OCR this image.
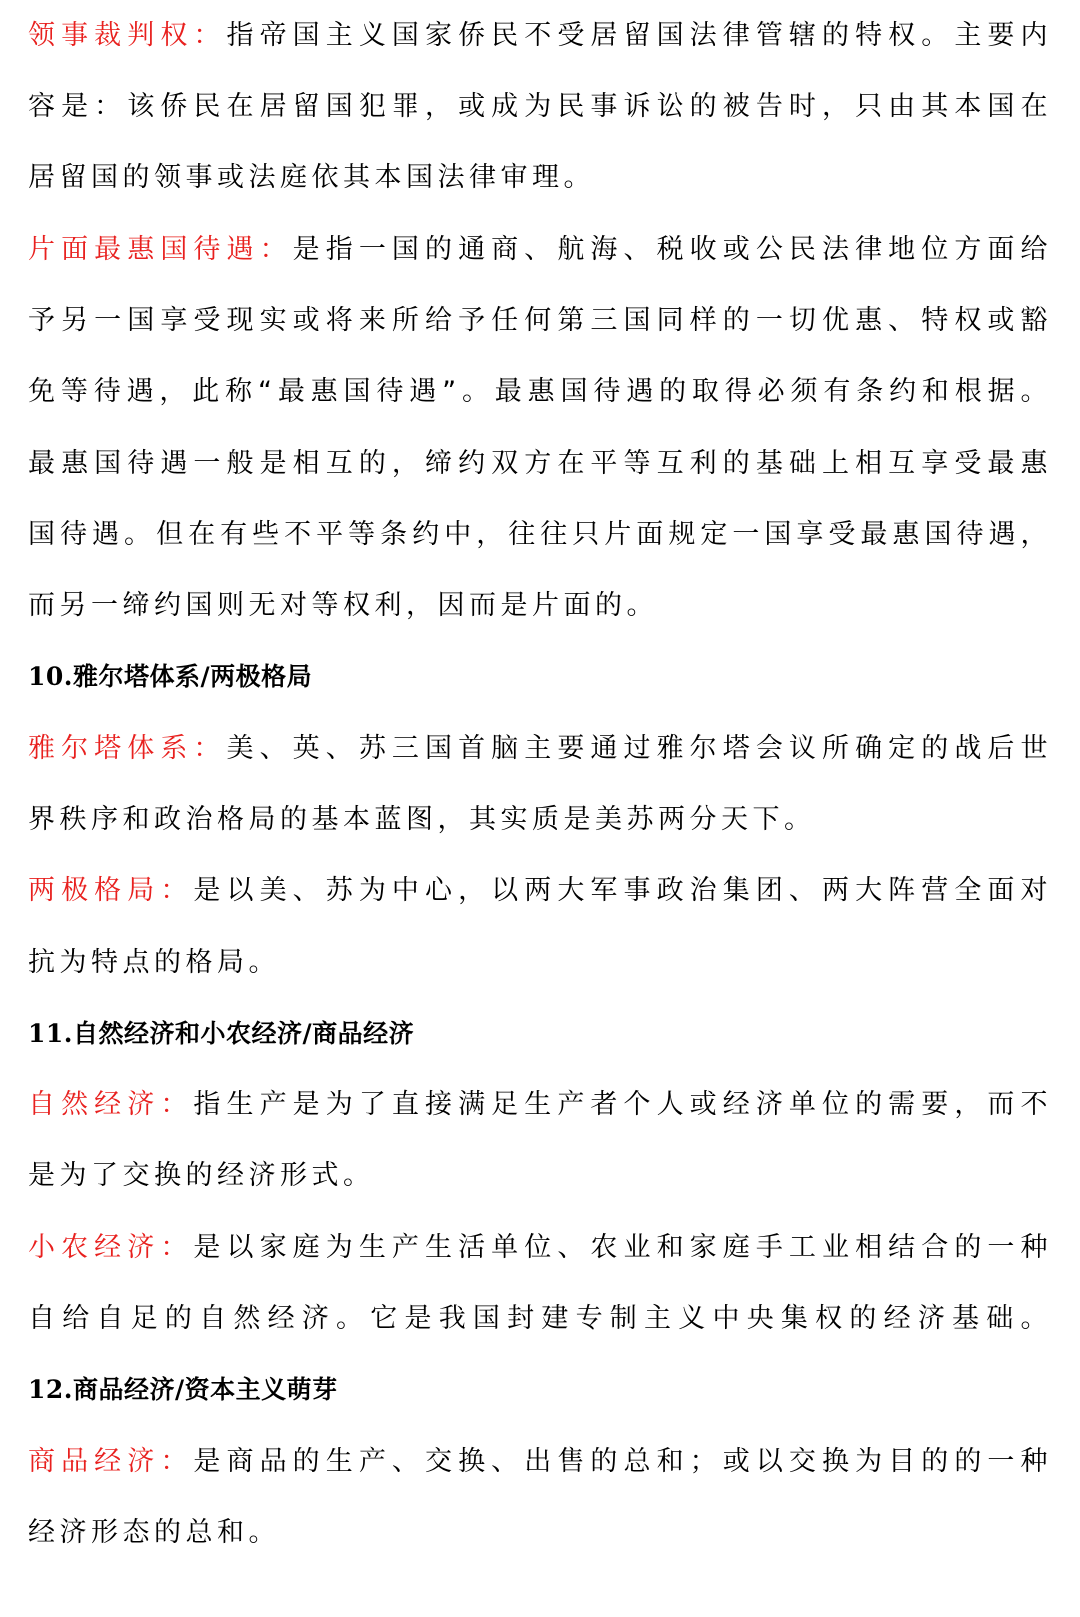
领事裁判权：指帝国主义国家侨民不受居留国法律管辖的特权。主要内
容是：该侨民在居留国犯罪，或成为民事诉讼的被告时，只由其本国在
居留国的领事或法庭依其本国法律审理。
片面最惠国待遇：是指一国的通商、航海、税收或公民法律地位方面给
予另一国享受现实或将来所给予任何第三国同样的一切优惠、特权或豁
免等待遇，此称“最惠国待遇”。最惠国待遇的取得必须有条约和根据。
最惠国待遇一般是相互的，缔约双方在平等互利的基础上相互享受最惠
国待遇。但在有些不平等条约中，往往只片面规定一国享受最惠国待遇，
而另一缔约国则无对等权利，因而是片面的。
10.雅尔塔体系/两极格局
雅尔塔体系：美、英、苏三国首脑主要通过雅尔塔会议所确定的战后世
界秩序和政治格局的基本蓝图，其实质是美苏两分天下。
两极格局：是以美、苏为中心，以两大军事政治集团、两大阵营全面对
抗为特点的格局。
11.自然经济和小农经济/商品经济
自然经济：指生产是为了直接满足生产者个人或经济单位的需要，而不
是为了交换的经济形式。
小农经济：是以家庭为生产生活单位、农业和家庭手工业相结合的一种
自给自足的自然经济。它是我国封建专制主义中央集权的经济基础。
12.商品经济/资本主义萌芽
商品经济：是商品的生产、交换、出售的总和；或以交换为目的的一种
经济形态的总和。
